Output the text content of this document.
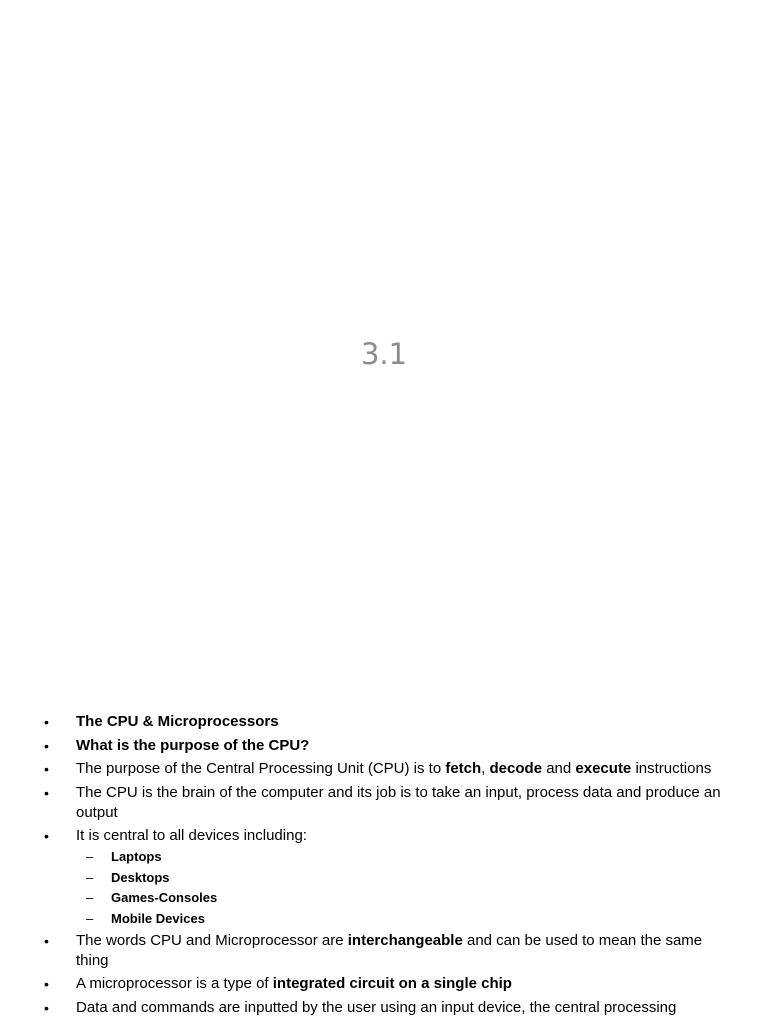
3.1
•	The CPU & Microprocessors
•	What is the purpose of the CPU?
•	The purpose of the Central Processing Unit (CPU) is to fetch, decode and execute instructions
•	The CPU is the brain of the computer and its job is to take an input, process data and produce an output
•	It is central to all devices including:
– Laptops
– Desktops
– Games-Consoles
– Mobile Devices
•	The words CPU and Microprocessor are interchangeable and can be used to mean the same thing
•	A microprocessor is a type of integrated circuit on a single chip
•	Data and commands are inputted by the user using an input device, the central processing
